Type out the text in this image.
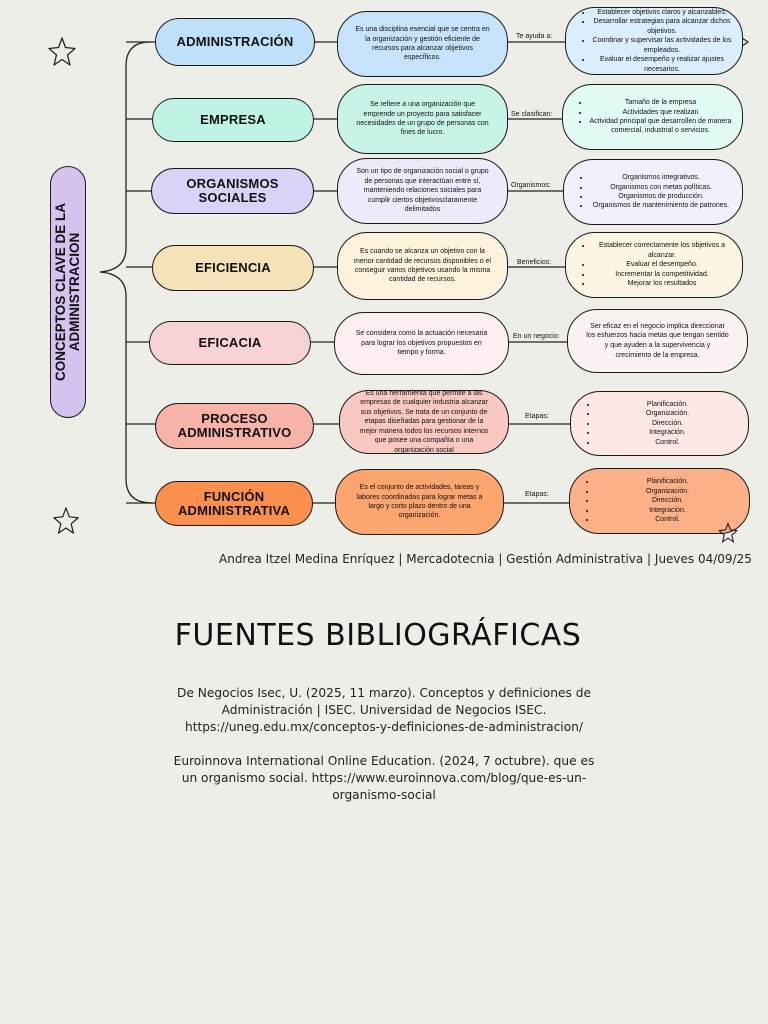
CONCEPTOS CLAVE DE LA ADMINISTRACION
ADMINISTRACIÓN
Es una disciplina esencial que se centra en la organización y gestión eficiente de recursos para alcanzar objetivos específicos.
Te ayuda a:
• Establecer objetivos claros y alcanzables.
• Desarrollar estrategias para alcanzar dichos objetivos.
• Coordinar y supervisar las actividades de los empleados.
• Evaluar el desempeño y realizar ajustes necesarios.
EMPRESA
Se refiere a una organización que emprende un proyecto para satisfacer necesidades de un grupo de personas con fines de lucro.
Se clasifican:
• Tamaño de la empresa
• Actividades que realizan
• Actividad principal que desarrollen de manera comercial, industrial o servicios.
ORGANISMOS SOCIALES
Son un tipo de organización social o grupo de personas que interactúan entre sí, manteniendo relaciones sociales para cumplir ciertos objetivosclaramente delimitados
Organismos:
• Organismos integrativos.
• Organismos con metas políticas.
• Organismos de producción.
• Organismos de mantenimiento de patrones.
EFICIENCIA
Es cuando se alcanza un objetivo con la menor cantidad de recursos disponibles o el conseguir varios objetivos usando la misma cantidad de recursos.
Beneficios:
• Establecer correctamente los objetivos a alcanzar.
• Evaluar el desempeño.
• Incrementar la competitividad.
• Mejorar los resultados
EFICACIA
Se considera como la actuación necesaria para lograr los objetivos propuestos en tiempo y forma.
En un negocio:
Ser eficaz en el negocio implica direccionar los esfuerzos hacia metas que tengan sentido y que ayuden a la supervivencia y crecimiento de la empresa.
PROCESO ADMINISTRATIVO
Es una herramienta que permite a las empresas de cualquier industria alcanzar sus objetivos. Se trata de un conjunto de etapas diseñadas para gestionar de la mejor manera todos los recursos internos que posee una compañía o una organización social
Etapas:
• Planificación.
• Organización.
• Dirección.
• Integración.
• Control.
FUNCIÓN ADMINISTRATIVA
Es el conjunto de actividades, tareas y labores coordinadas para lograr metas a largo y corto plazo dentro de una organización.
Etapas:
• Planificación.
• Organización.
• Dirección.
• Integración.
• Control.
Andrea Itzel Medina Enríquez | Mercadotecnia | Gestión Administrativa | Jueves 04/09/25
FUENTES BIBLIOGRÁFICAS
De Negocios Isec, U. (2025, 11 marzo). Conceptos y definiciones de Administración | ISEC. Universidad de Negocios ISEC. https://uneg.edu.mx/conceptos-y-definiciones-de-administracion/
Euroinnova International Online Education. (2024, 7 octubre). que es un organismo social. https://www.euroinnova.com/blog/que-es-un-organismo-social
